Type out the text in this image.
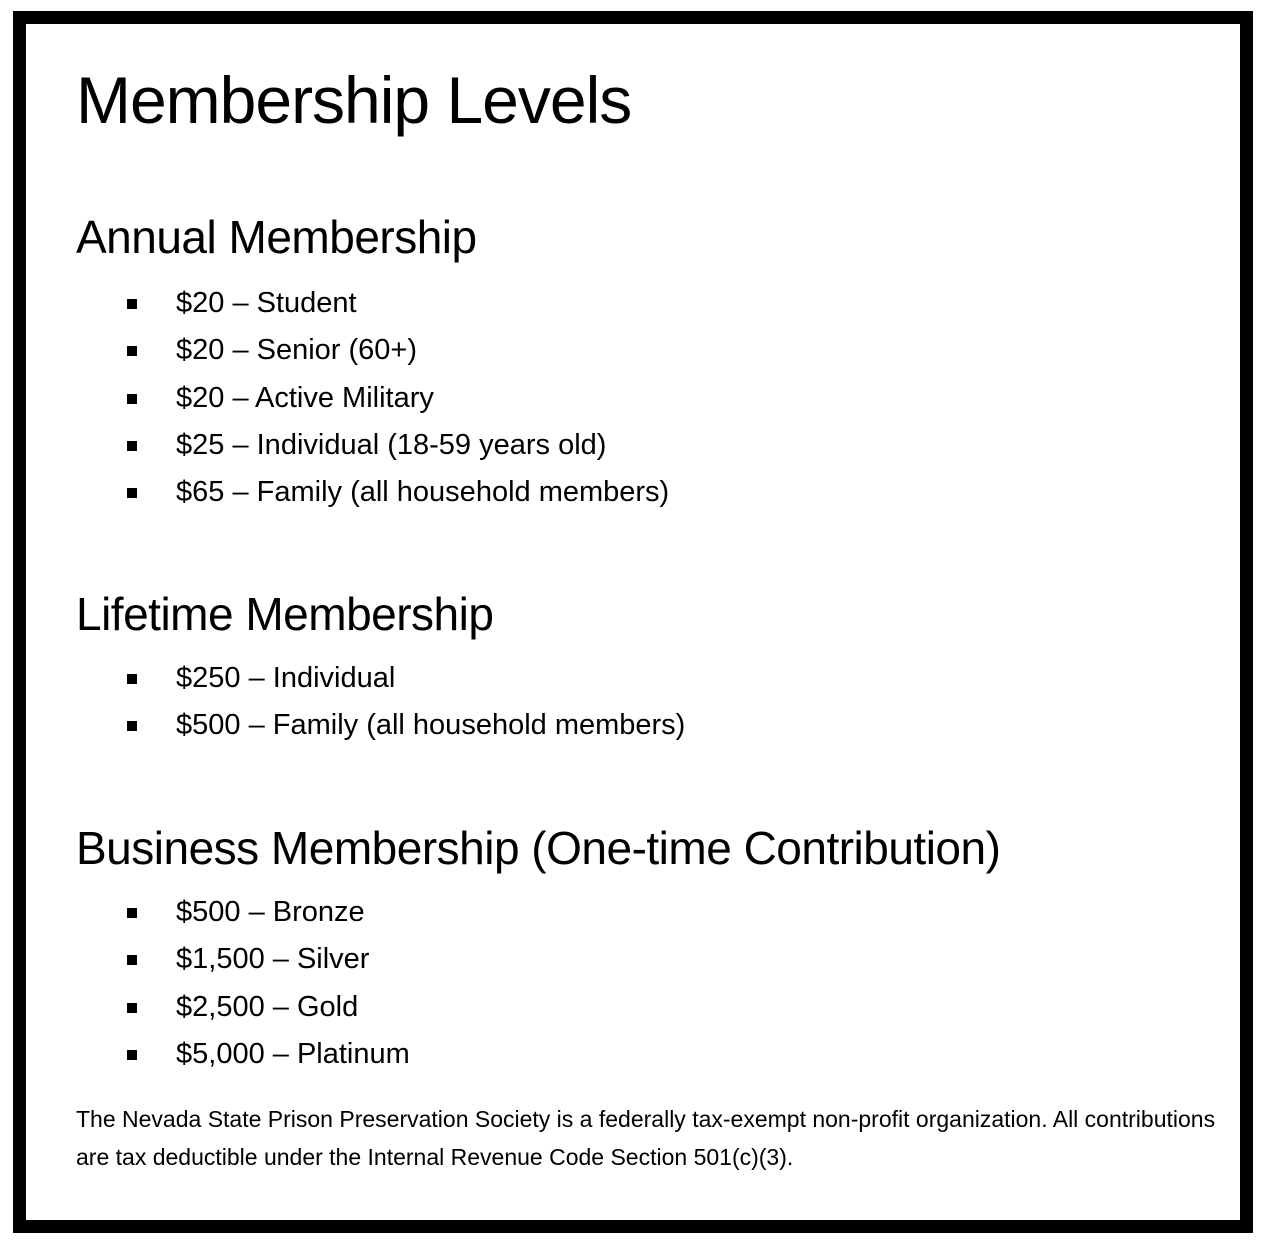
Membership Levels
Annual Membership
$20 – Student
$20 – Senior (60+)
$20 – Active Military
$25 – Individual (18-59 years old)
$65 – Family (all household members)
Lifetime Membership
$250 – Individual
$500 – Family (all household members)
Business Membership (One-time Contribution)
$500 – Bronze
$1,500 – Silver
$2,500 – Gold
$5,000 – Platinum

The Nevada State Prison Preservation Society is a federally tax-exempt non-profit organization. All contributions are tax deductible under the Internal Revenue Code Section 501(c)(3).
